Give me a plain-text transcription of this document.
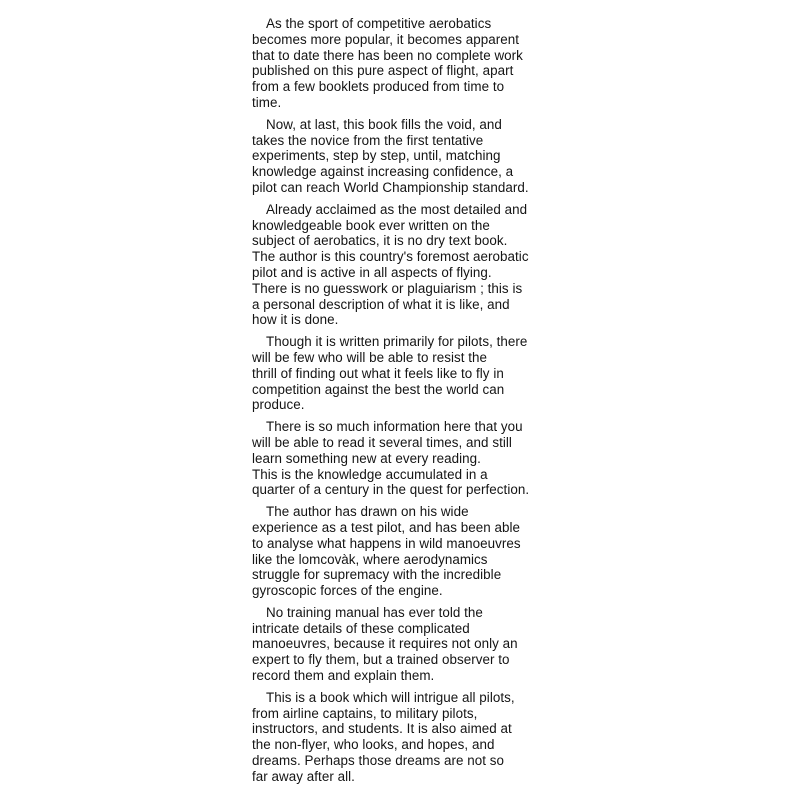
As the sport of competitive aerobatics
becomes more popular, it becomes apparent
that to date there has been no complete work
published on this pure aspect of flight, apart
from a few booklets produced from time to
time.

Now, at last, this book fills the void, and
takes the novice from the first tentative
experiments, step by step, until, matching
knowledge against increasing confidence, a
pilot can reach World Championship standard.

Already acclaimed as the most detailed and
knowledgeable book ever written on the
subject of aerobatics, it is no dry text book.
The author is this country's foremost aerobatic
pilot and is active in all aspects of flying.
There is no guesswork or plaguiarism ; this is
a personal description of what it is like, and
how it is done.

Though it is written primarily for pilots, there
will be few who will be able to resist the
thrill of finding out what it feels like to fly in
competition against the best the world can
produce.

There is so much information here that you
will be able to read it several times, and still
learn something new at every reading.

This is the knowledge accumulated in a
quarter of a century in the quest for perfection.

The author has drawn on his wide
experience as a test pilot, and has been able
to analyse what happens in wild manoeuvres
like the lomcovàk, where aerodynamics
struggle for supremacy with the incredible
gyroscopic forces of the engine.

No training manual has ever told the
intricate details of these complicated
manoeuvres, because it requires not only an
expert to fly them, but a trained observer to
record them and explain them.

This is a book which will intrigue all pilots,
from airline captains, to military pilots,
instructors, and students. It is also aimed at
the non-flyer, who looks, and hopes, and
dreams. Perhaps those dreams are not so
far away after all.
